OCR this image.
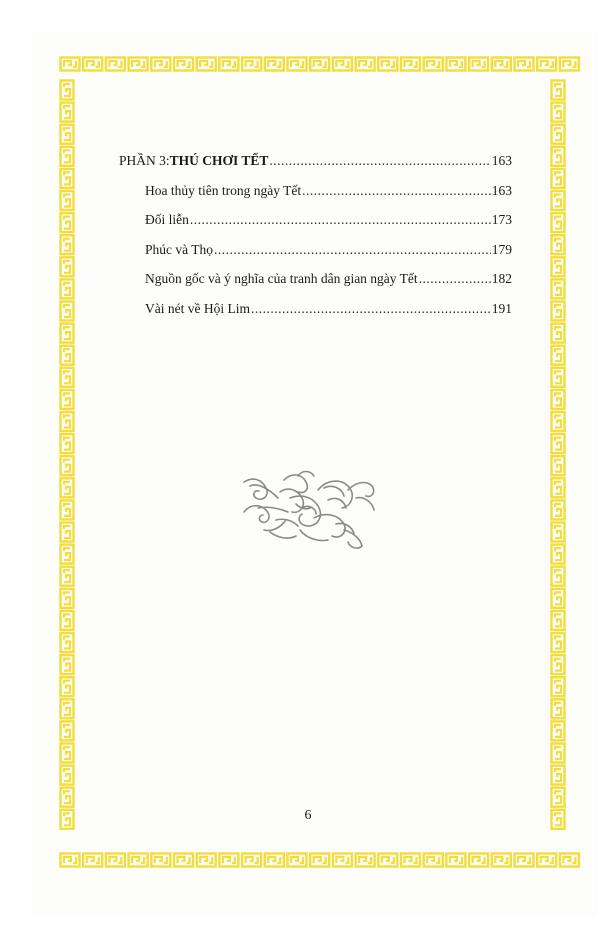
PHẦN 3: THÚ CHƠI TẾT .....	163
Hoa thủy tiên trong ngày Tết .....	163
Đối liễn .....	173
Phúc và Thọ .....	179
Nguồn gốc và ý nghĩa của tranh dân gian ngày Tết .....	182
Vài nét về Hội Lim .....	191
6
